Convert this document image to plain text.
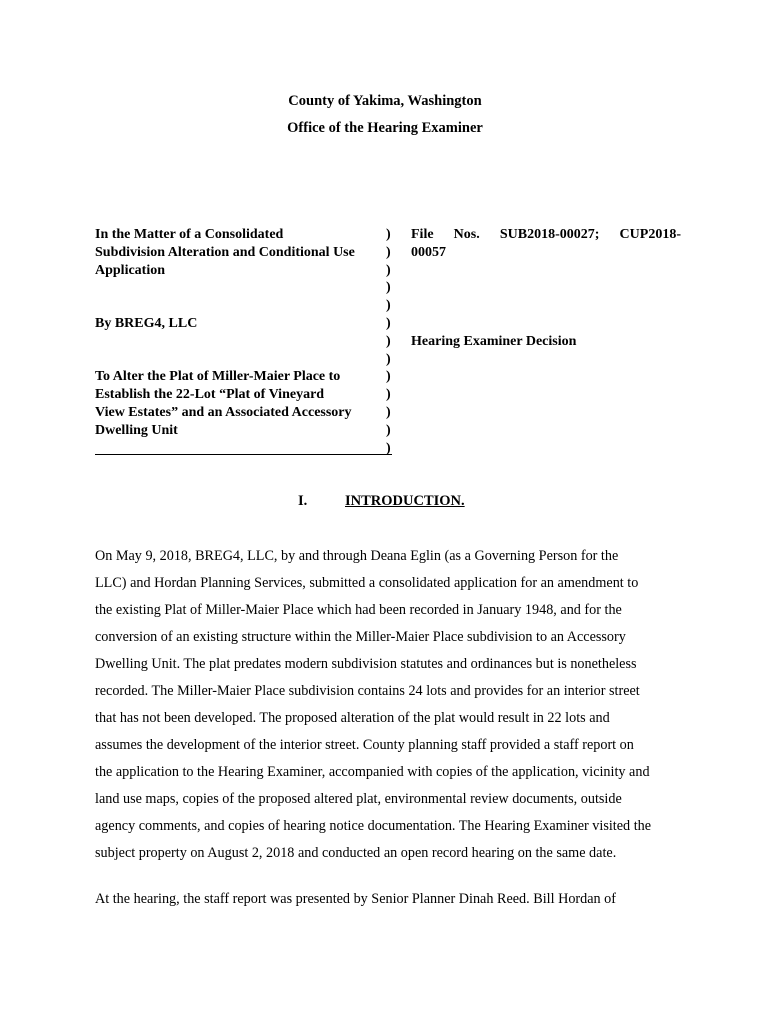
County of Yakima, Washington
Office of the Hearing Examiner

In the Matter of a Consolidated

Subdivision Alteration and Conditional Use

Application

By BREG4, LLC

To Alter the Plat of Miller-Maier Place to

Establish the 22-Lot “Plat of Vineyard

View Estates” and an Associated Accessory

Dwelling Unit

)
)
)
)
)
)
)
)
)
)
)
)
)
File Nos. SUB2018-00027; CUP2018-
00057
Hearing Examiner Decision
I.	INTRODUCTION.
On May 9, 2018, BREG4, LLC, by and through Deana Eglin (as a Governing Person for the
LLC) and Hordan Planning Services, submitted a consolidated application for an amendment to
the existing Plat of Miller-Maier Place which had been recorded in January 1948, and for the
conversion of an existing structure within the Miller-Maier Place subdivision to an Accessory
Dwelling Unit. The plat predates modern subdivision statutes and ordinances but is nonetheless
recorded. The Miller-Maier Place subdivision contains 24 lots and provides for an interior street
that has not been developed. The proposed alteration of the plat would result in 22 lots and
assumes the development of the interior street. County planning staff provided a staff report on
the application to the Hearing Examiner, accompanied with copies of the application, vicinity and
land use maps, copies of the proposed altered plat, environmental review documents, outside
agency comments, and copies of hearing notice documentation. The Hearing Examiner visited the
subject property on August 2, 2018 and conducted an open record hearing on the same date.
At the hearing, the staff report was presented by Senior Planner Dinah Reed. Bill Hordan of
